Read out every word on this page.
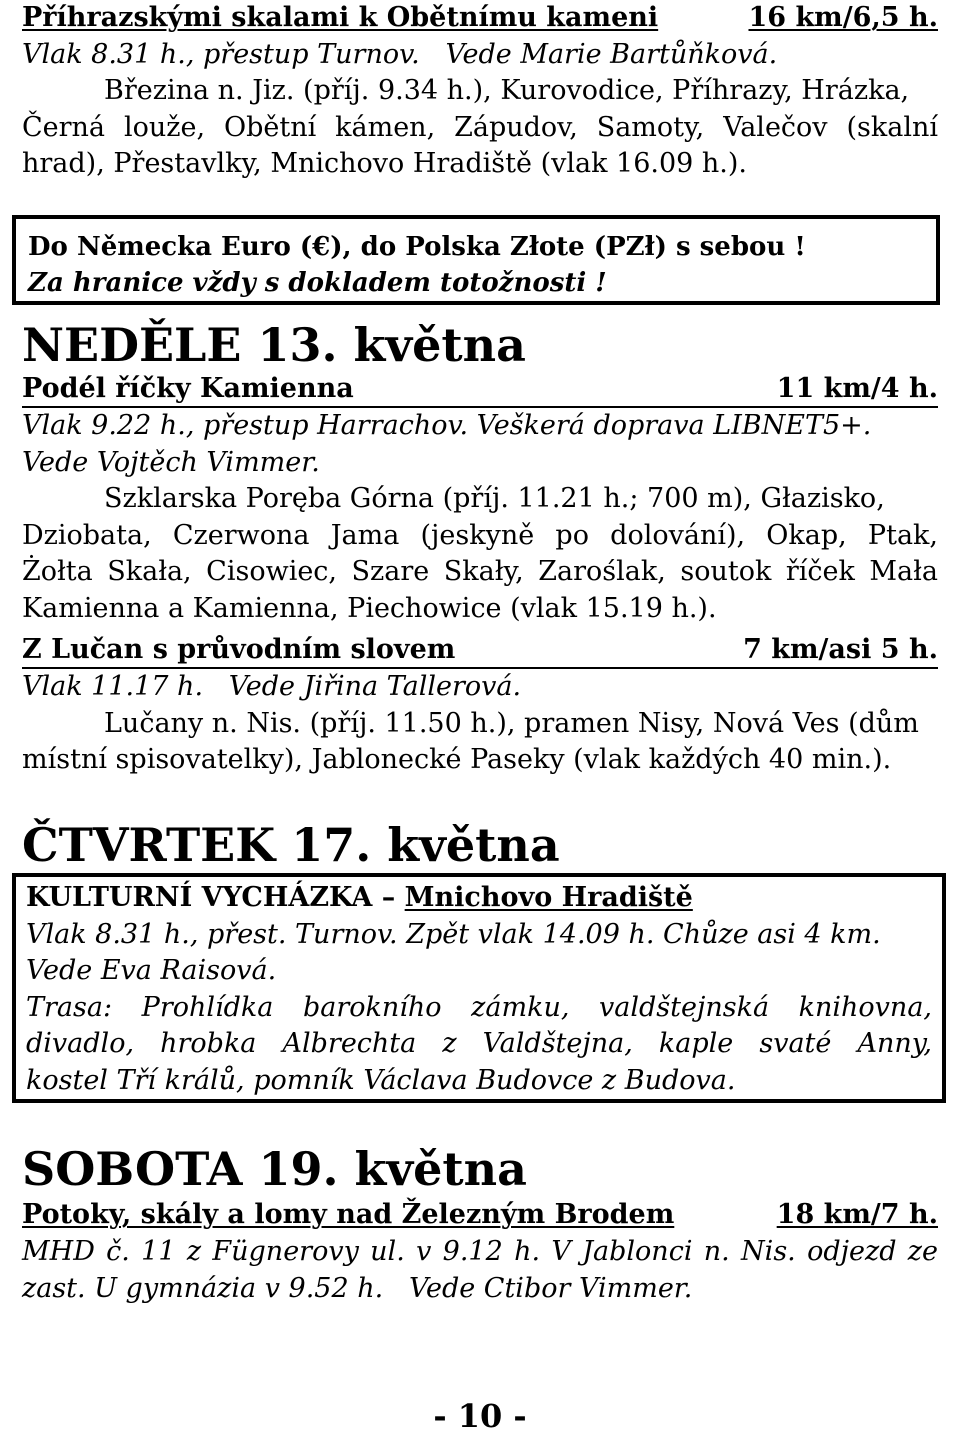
Příhrazskými skalami k Obětnímu kameni	16 km/6,5 h.
Vlak 8.31 h., přestup Turnov.   Vede Marie Bartůňková.
Březina n. Jiz. (příj. 9.34 h.), Kurovodice, Příhrazy, Hrázka,
Černá louže, Obětní kámen, Zápudov, Samoty, Valečov (skalní
hrad), Přestavlky, Mnichovo Hradiště (vlak 16.09 h.).
Do Německa Euro (€), do Polska Złote (PZł) s sebou !
Za hranice vždy s dokladem totožnosti !
NEDĚLE 13. května
Podél říčky Kamienna	11 km/4 h.
Vlak 9.22 h., přestup Harrachov. Veškerá doprava LIBNET5+.
Vede Vojtěch Vimmer.
Szklarska Poręba Górna (příj. 11.21 h.; 700 m), Głazisko,
Dziobata, Czerwona Jama (jeskyně po dolování), Okap, Ptak,
Żołta Skała, Cisowiec, Szare Skały, Zaroślak, soutok říček Mała
Kamienna a Kamienna, Piechowice (vlak 15.19 h.).
Z Lučan s průvodním slovem	7 km/asi 5 h.
Vlak 11.17 h.   Vede Jiřina Tallerová.
Lučany n. Nis. (příj. 11.50 h.), pramen Nisy, Nová Ves (dům
místní spisovatelky), Jablonecké Paseky (vlak každých 40 min.).
ČTVRTEK 17. května
KULTURNÍ VYCHÁZKA – Mnichovo Hradiště
Vlak 8.31 h., přest. Turnov. Zpět vlak 14.09 h. Chůze asi 4 km.
Vede Eva Raisová.
Trasa: Prohlídka barokního zámku, valdštejnská knihovna,
divadlo, hrobka Albrechta z Valdštejna, kaple svaté Anny,
kostel Tří králů, pomník Václava Budovce z Budova.
SOBOTA 19. května
Potoky, skály a lomy nad Železným Brodem	18 km/7 h.
MHD č. 11 z Fügnerovy ul. v 9.12 h. V Jablonci n. Nis. odjezd ze
zast. U gymnázia v 9.52 h.   Vede Ctibor Vimmer.
- 10 -
